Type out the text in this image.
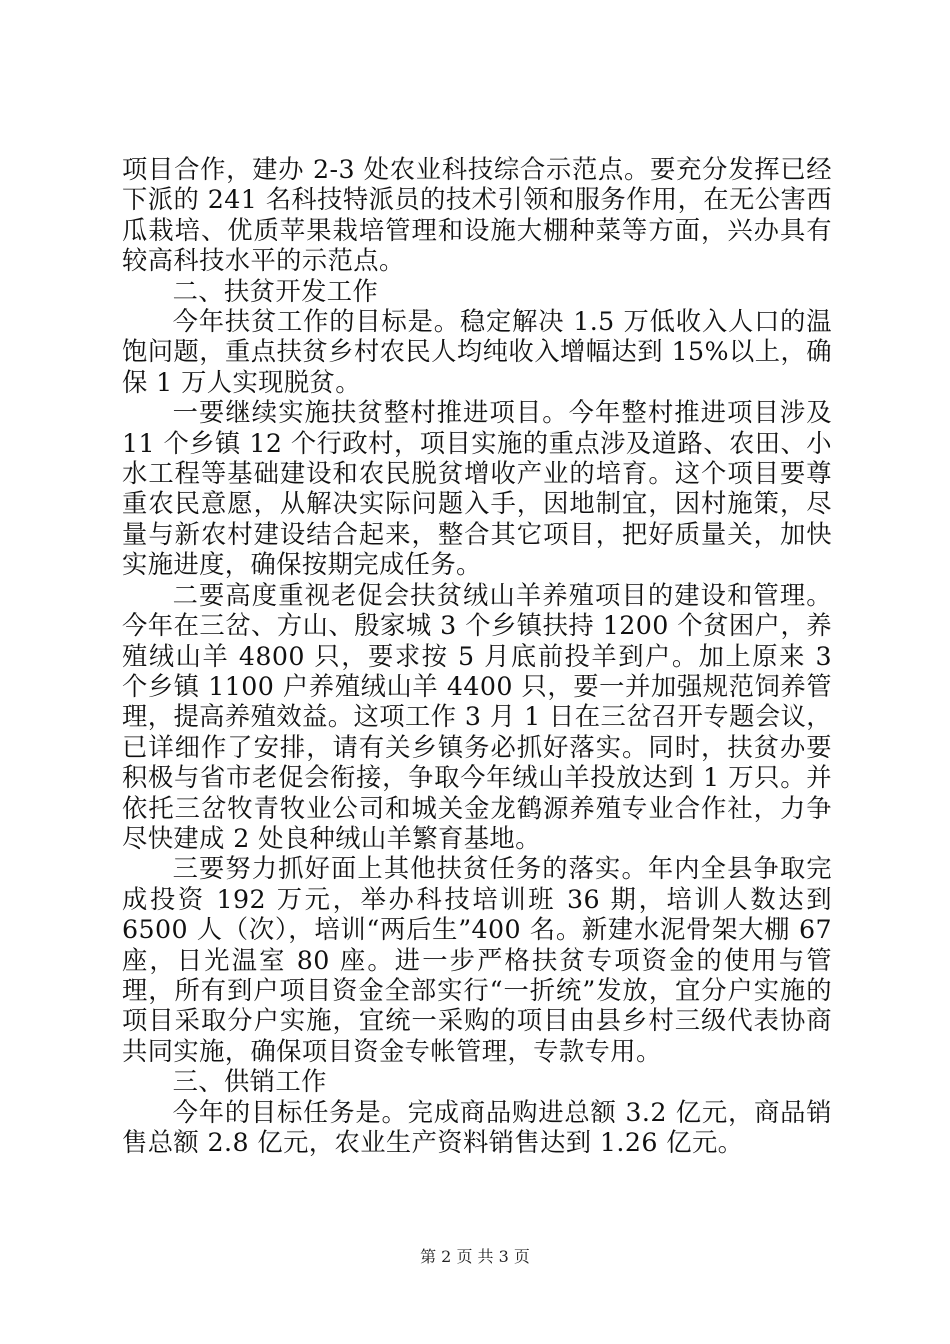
项目合作，建办 2-3 处农业科技综合示范点。要充分发挥已经下派的 241 名科技特派员的技术引领和服务作用，在无公害西瓜栽培、优质苹果栽培管理和设施大棚种菜等方面，兴办具有较高科技水平的示范点。

二、扶贫开发工作

今年扶贫工作的目标是。稳定解决 1.5 万低收入人口的温饱问题，重点扶贫乡村农民人均纯收入增幅达到 15%以上，确保 1 万人实现脱贫。

一要继续实施扶贫整村推进项目。今年整村推进项目涉及 11 个乡镇 12 个行政村，项目实施的重点涉及道路、农田、小水工程等基础建设和农民脱贫增收产业的培育。这个项目要尊重农民意愿，从解决实际问题入手，因地制宜，因村施策，尽量与新农村建设结合起来，整合其它项目，把好质量关，加快实施进度，确保按期完成任务。

二要高度重视老促会扶贫绒山羊养殖项目的建设和管理。今年在三岔、方山、殷家城 3 个乡镇扶持 1200 个贫困户，养殖绒山羊 4800 只，要求按 5 月底前投羊到户。加上原来 3 个乡镇 1100 户养殖绒山羊 4400 只，要一并加强规范饲养管理，提高养殖效益。这项工作 3 月 1 日在三岔召开专题会议，已详细作了安排，请有关乡镇务必抓好落实。同时，扶贫办要积极与省市老促会衔接，争取今年绒山羊投放达到 1 万只。并依托三岔牧青牧业公司和城关金龙鹤源养殖专业合作社，力争尽快建成 2 处良种绒山羊繁育基地。

三要努力抓好面上其他扶贫任务的落实。年内全县争取完成投资 192 万元，举办科技培训班 36 期，培训人数达到 6500 人（次），培训“两后生”400 名。新建水泥骨架大棚 67 座，日光温室 80 座。进一步严格扶贫专项资金的使用与管理，所有到户项目资金全部实行“一折统”发放，宜分户实施的项目采取分户实施，宜统一采购的项目由县乡村三级代表协商共同实施，确保项目资金专帐管理，专款专用。

三、供销工作

今年的目标任务是。完成商品购进总额 3.2 亿元，商品销售总额 2.8 亿元，农业生产资料销售达到 1.26 亿元。

第 2 页 共 3 页
